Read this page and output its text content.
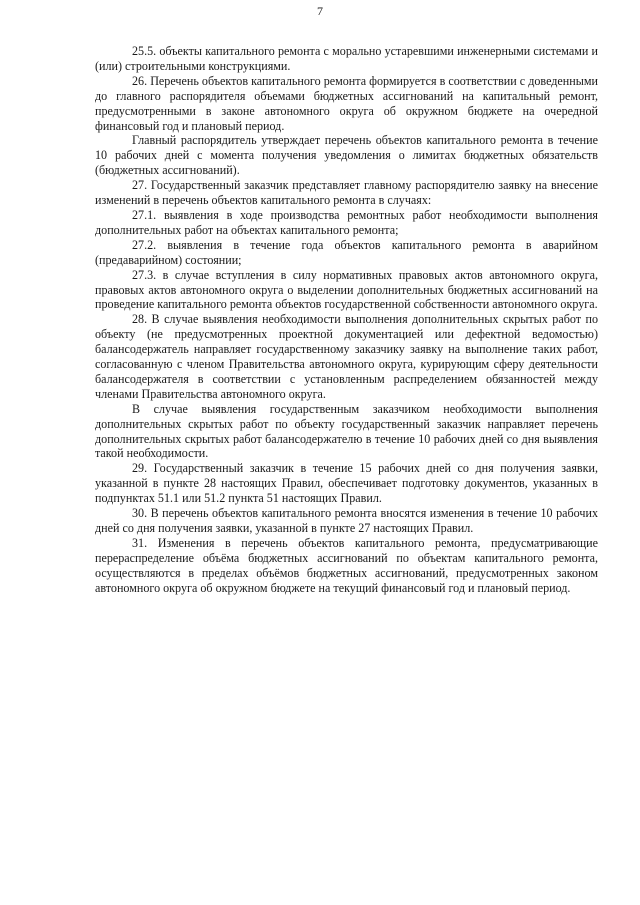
7

25.5. объекты капитального ремонта с морально устаревшими инженерными системами и (или) строительными конструкциями.

26. Перечень объектов капитального ремонта формируется в соответствии с доведенными до главного распорядителя объемами бюджетных ассигнований на капитальный ремонт, предусмотренными в законе автономного округа об окружном бюджете на очередной финансовый год и плановый период.

Главный распорядитель утверждает перечень объектов капитального ремонта в течение 10 рабочих дней с момента получения уведомления о лимитах бюджетных обязательств (бюджетных ассигнований).

27. Государственный заказчик представляет главному распорядителю заявку на внесение изменений в перечень объектов капитального ремонта в случаях:

27.1. выявления в ходе производства ремонтных работ необходимости выполнения дополнительных работ на объектах капитального ремонта;

27.2. выявления в течение года объектов капитального ремонта в аварийном (предаварийном) состоянии;

27.3. в случае вступления в силу нормативных правовых актов автономного округа, правовых актов автономного округа о выделении дополнительных бюджетных ассигнований на проведение капитального ремонта объектов государственной собственности автономного округа.

28. В случае выявления необходимости выполнения дополнительных скрытых работ по объекту (не предусмотренных проектной документацией или дефектной ведомостью) балансодержатель направляет государственному заказчику заявку на выполнение таких работ, согласованную с членом Правительства автономного округа, курирующим сферу деятельности балансодержателя в соответствии с установленным распределением обязанностей между членами Правительства автономного округа.

В случае выявления государственным заказчиком необходимости выполнения дополнительных скрытых работ по объекту государственный заказчик направляет перечень дополнительных скрытых работ балансодержателю в течение 10 рабочих дней со дня выявления такой необходимости.

29. Государственный заказчик в течение 15 рабочих дней со дня получения заявки, указанной в пункте 28 настоящих Правил, обеспечивает подготовку документов, указанных в подпунктах 51.1 или 51.2 пункта 51 настоящих Правил.

30. В перечень объектов капитального ремонта вносятся изменения в течение 10 рабочих дней со дня получения заявки, указанной в пункте 27 настоящих Правил.

31. Изменения в перечень объектов капитального ремонта, предусматривающие перераспределение объёма бюджетных ассигнований по объектам капитального ремонта, осуществляются в пределах объёмов бюджетных ассигнований, предусмотренных законом автономного округа об окружном бюджете на текущий финансовый год и плановый период.
